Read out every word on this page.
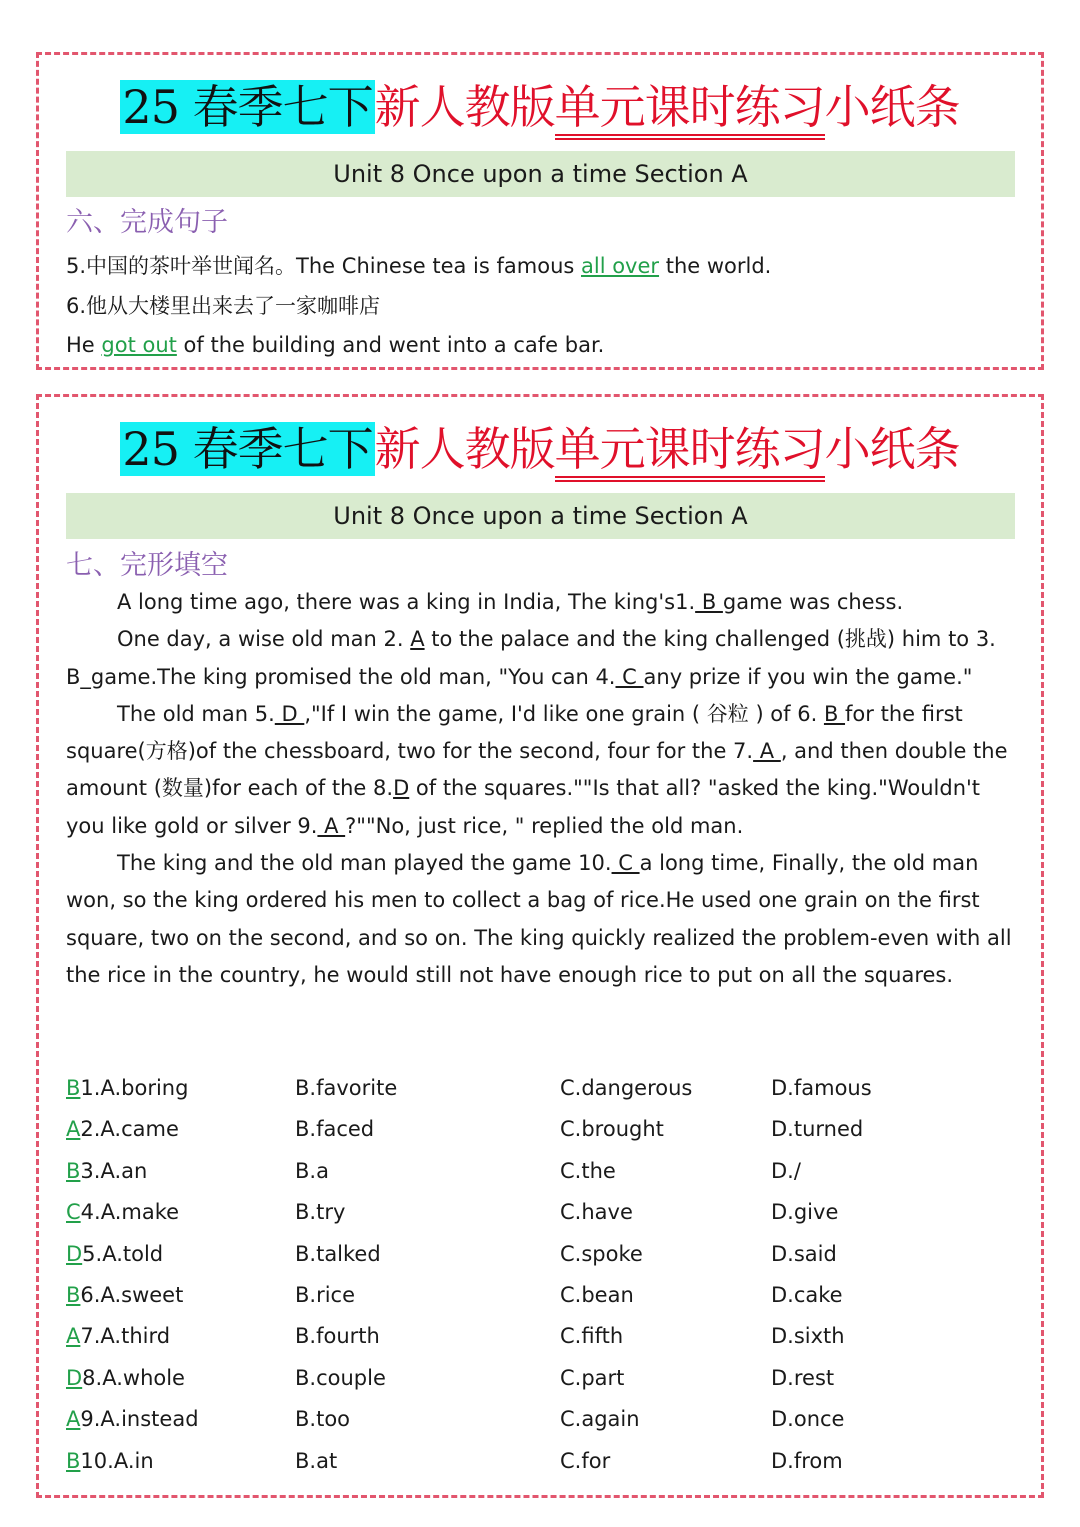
25 春季七下新人教版单元课时练习小纸条
Unit 8 Once upon a time Section A
六、完成句子
5.中国的茶叶举世闻名。The Chinese tea is famous all over the world.
6.他从大楼里出来去了一家咖啡店
He got out of the building and went into a cafe bar.
25 春季七下新人教版单元课时练习小纸条
Unit 8 Once upon a time Section A
七、完形填空

A long time ago, there was a king in India, The king's1. B game was chess.

One day, a wise old man 2. A to the palace and the king challenged (挑战) him to 3. B_game.The king promised the old man, "You can 4. C any prize if you win the game."

The old man 5. D ,"If I win the game, I'd like one grain ( 谷粒 ) of 6. B for the first square(方格)of the chessboard, two for the second, four for the 7. A , and then double the amount (数量)for each of the 8.D of the squares.""Is that all? "asked the king."Wouldn't you like gold or silver 9. A ?""No, just rice, " replied the old man.

The king and the old man played the game 10. C a long time, Finally, the old man won, so the king ordered his men to collect a bag of rice.He used one grain on the first square, two on the second, and so on. The king quickly realized the problem-even with all the rice in the country, he would still not have enough rice to put on all the squares.

B1.A.boring	B.favorite	C.dangerous	D.famous
A2.A.came	B.faced	C.brought	D.turned
B3.A.an	B.a	C.the	D./
C4.A.make	B.try	C.have	D.give
D5.A.told	B.talked	C.spoke	D.said
B6.A.sweet	B.rice	C.bean	D.cake
A7.A.third	B.fourth	C.fifth	D.sixth
D8.A.whole	B.couple	C.part	D.rest
A9.A.instead	B.too	C.again	D.once
B10.A.in	B.at	C.for	D.from
